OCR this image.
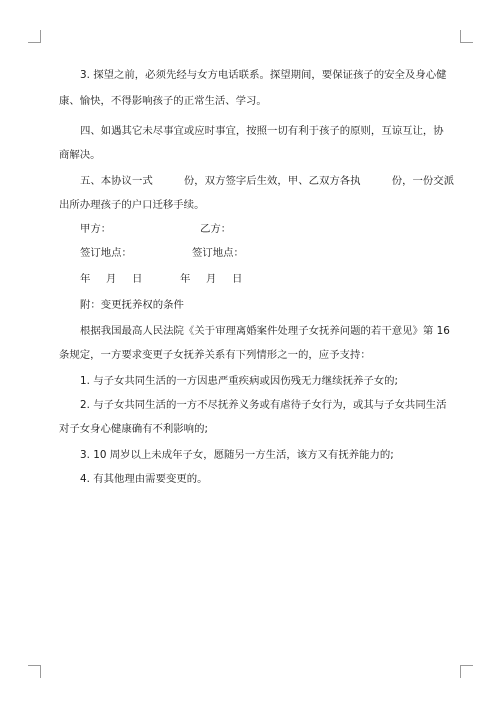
3. 探望之前，必须先经与女方电话联系。探望期间，要保证孩子的安全及身心健
康、愉快，不得影响孩子的正常生活、学习。
四、如遇其它未尽事宜或应时事宜，按照一切有利于孩子的原则，互谅互让，协
商解决。
五、本协议一式　　　份，双方签字后生效，甲、乙双方各执　　　份，一份交派
出所办理孩子的户口迁移手续。
甲方：	乙方：
签订地点：	签订地点：
年 月 日	年 月 日
附：变更抚养权的条件
根据我国最高人民法院《关于审理离婚案件处理子女抚养问题的若干意见》第 16
条规定，一方要求变更子女抚养关系有下列情形之一的，应予支持：
1. 与子女共同生活的一方因患严重疾病或因伤残无力继续抚养子女的;
2. 与子女共同生活的一方不尽抚养义务或有虐待子女行为，或其与子女共同生活
对子女身心健康确有不利影响的;
3. 10 周岁以上未成年子女，愿随另一方生活，该方又有抚养能力的;
4. 有其他理由需要变更的。
